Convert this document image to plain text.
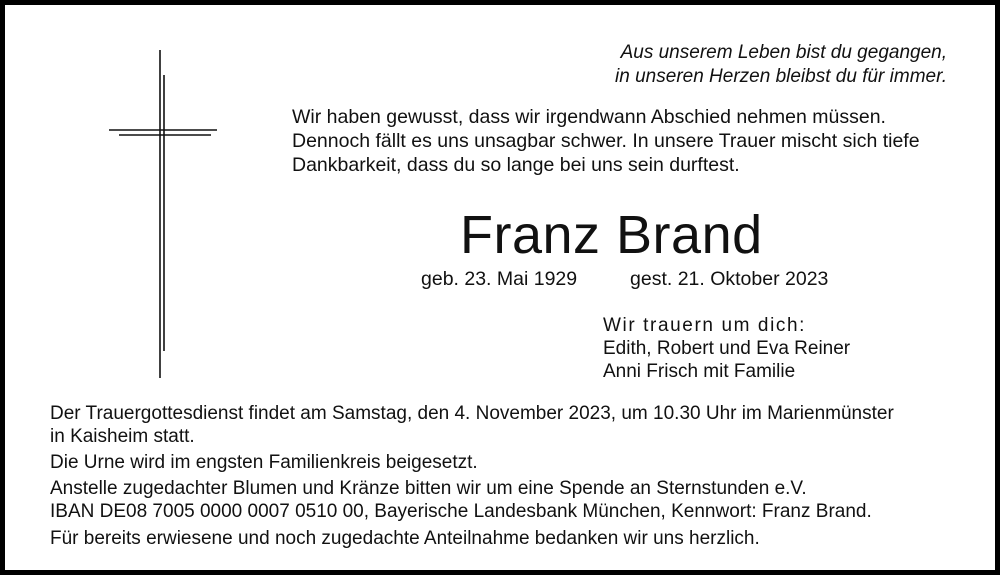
Aus unserem Leben bist du gegangen,
in unseren Herzen bleibst du für immer.
Wir haben gewusst, dass wir irgendwann Abschied nehmen müssen.
Dennoch fällt es uns unsagbar schwer. In unsere Trauer mischt sich tiefe
Dankbarkeit, dass du so lange bei uns sein durftest.
Franz Brand
geb. 23. Mai 1929	gest. 21. Oktober 2023
Wir trauern um dich:
Edith, Robert und Eva Reiner
Anni Frisch mit Familie
Der Trauergottesdienst findet am Samstag, den 4. November 2023, um 10.30 Uhr im Marienmünster
in Kaisheim statt.
Die Urne wird im engsten Familienkreis beigesetzt.
Anstelle zugedachter Blumen und Kränze bitten wir um eine Spende an Sternstunden e.V.
IBAN DE08 7005 0000 0007 0510 00, Bayerische Landesbank München, Kennwort: Franz Brand.
Für bereits erwiesene und noch zugedachte Anteilnahme bedanken wir uns herzlich.
